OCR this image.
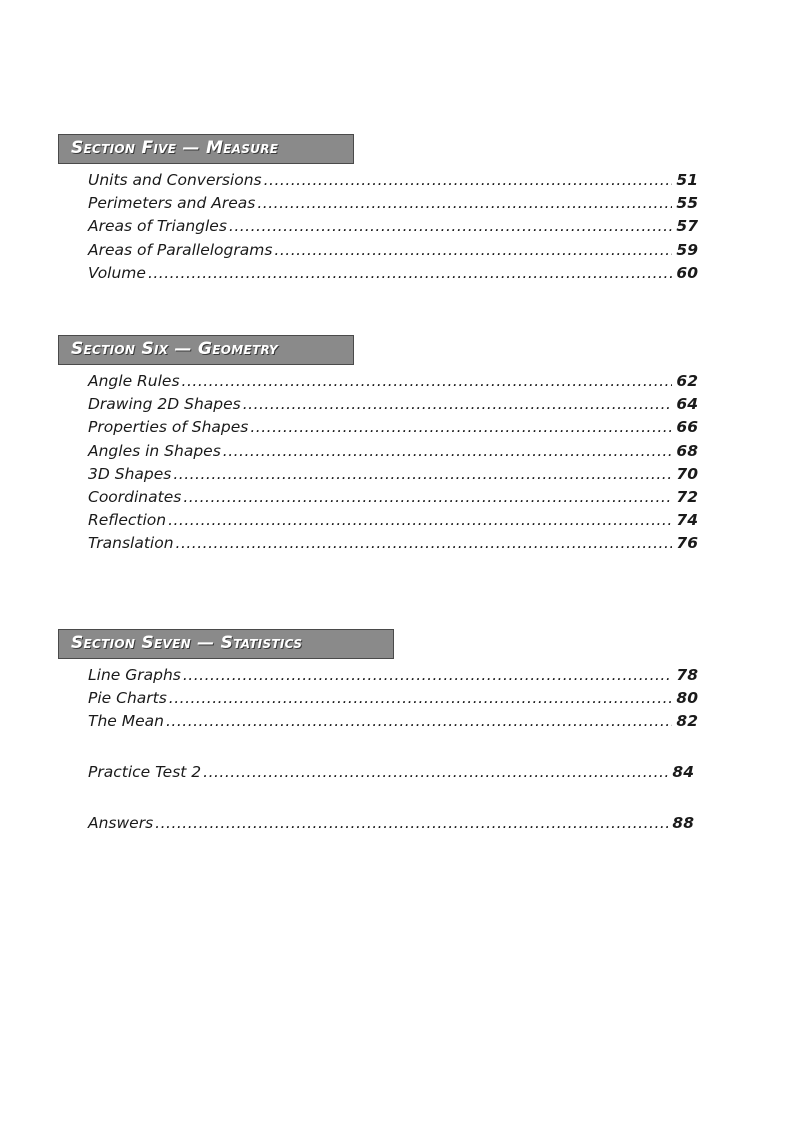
Section Five — Measure
Units and Conversions .....	51
Perimeters and Areas .....	55
Areas of Triangles .....	57
Areas of Parallelograms .....	59
Volume .....	60
Section Six — Geometry
Angle Rules .....	62
Drawing 2D Shapes .....	64
Properties of Shapes .....	66
Angles in Shapes .....	68
3D Shapes .....	70
Coordinates .....	72
Reflection .....	74
Translation .....	76
Section Seven — Statistics
Line Graphs .....	78
Pie Charts .....	80
The Mean .....	82
Practice Test 2 .....	84
Answers .....	88
